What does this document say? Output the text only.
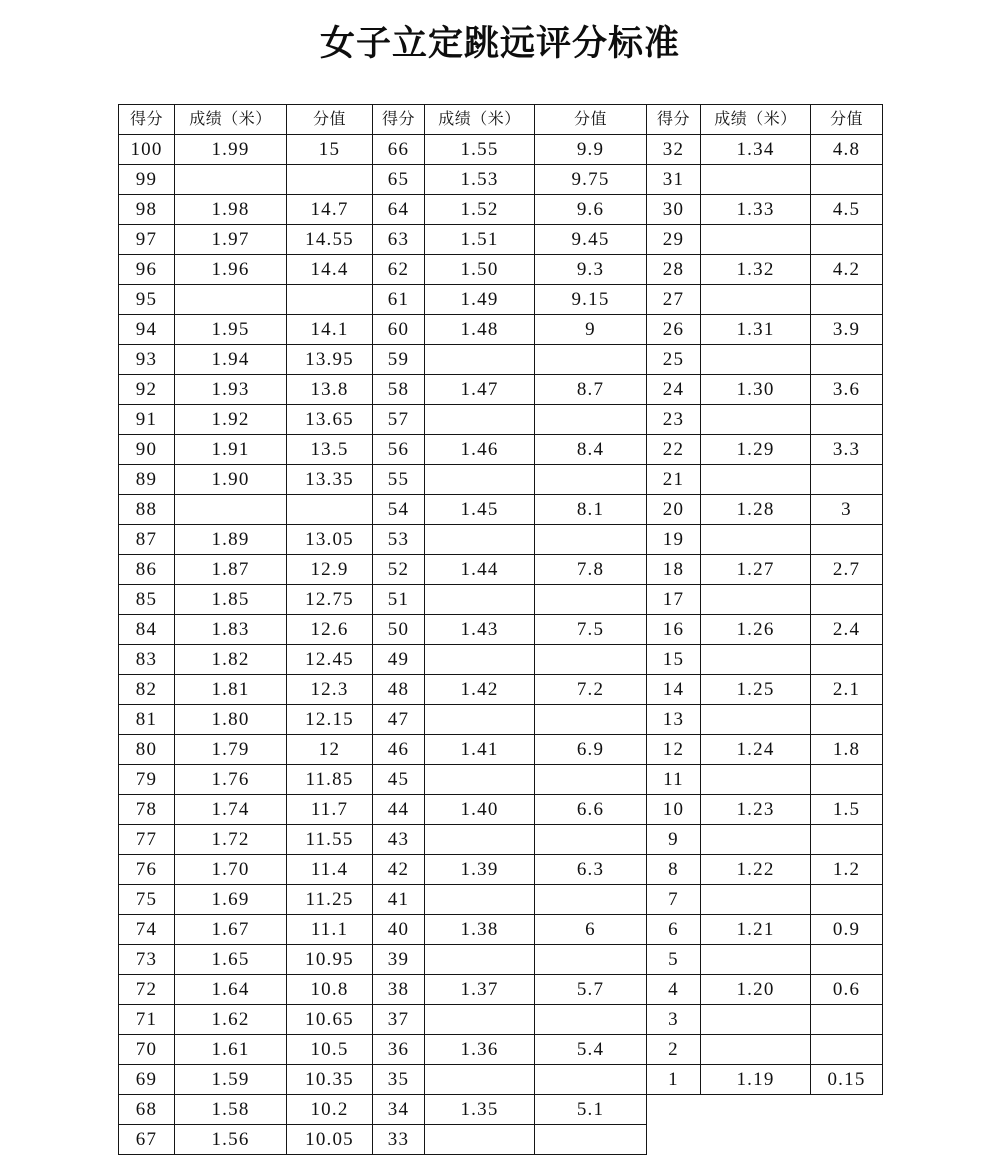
女子立定跳远评分标准
得分	成绩（米）	分值	得分	成绩（米）	分值	得分	成绩（米）	分值
100	1.99	15	66	1.55	9.9	32	1.34	4.8
99			65	1.53	9.75	31		
98	1.98	14.7	64	1.52	9.6	30	1.33	4.5
97	1.97	14.55	63	1.51	9.45	29		
96	1.96	14.4	62	1.50	9.3	28	1.32	4.2
95			61	1.49	9.15	27		
94	1.95	14.1	60	1.48	9	26	1.31	3.9
93	1.94	13.95	59			25		
92	1.93	13.8	58	1.47	8.7	24	1.30	3.6
91	1.92	13.65	57			23		
90	1.91	13.5	56	1.46	8.4	22	1.29	3.3
89	1.90	13.35	55			21		
88			54	1.45	8.1	20	1.28	3
87	1.89	13.05	53			19		
86	1.87	12.9	52	1.44	7.8	18	1.27	2.7
85	1.85	12.75	51			17		
84	1.83	12.6	50	1.43	7.5	16	1.26	2.4
83	1.82	12.45	49			15		
82	1.81	12.3	48	1.42	7.2	14	1.25	2.1
81	1.80	12.15	47			13		
80	1.79	12	46	1.41	6.9	12	1.24	1.8
79	1.76	11.85	45			11		
78	1.74	11.7	44	1.40	6.6	10	1.23	1.5
77	1.72	11.55	43			9		
76	1.70	11.4	42	1.39	6.3	8	1.22	1.2
75	1.69	11.25	41			7		
74	1.67	11.1	40	1.38	6	6	1.21	0.9
73	1.65	10.95	39			5		
72	1.64	10.8	38	1.37	5.7	4	1.20	0.6
71	1.62	10.65	37			3		
70	1.61	10.5	36	1.36	5.4	2		
69	1.59	10.35	35			1	1.19	0.15
68	1.58	10.2	34	1.35	5.1			
67	1.56	10.05	33					
